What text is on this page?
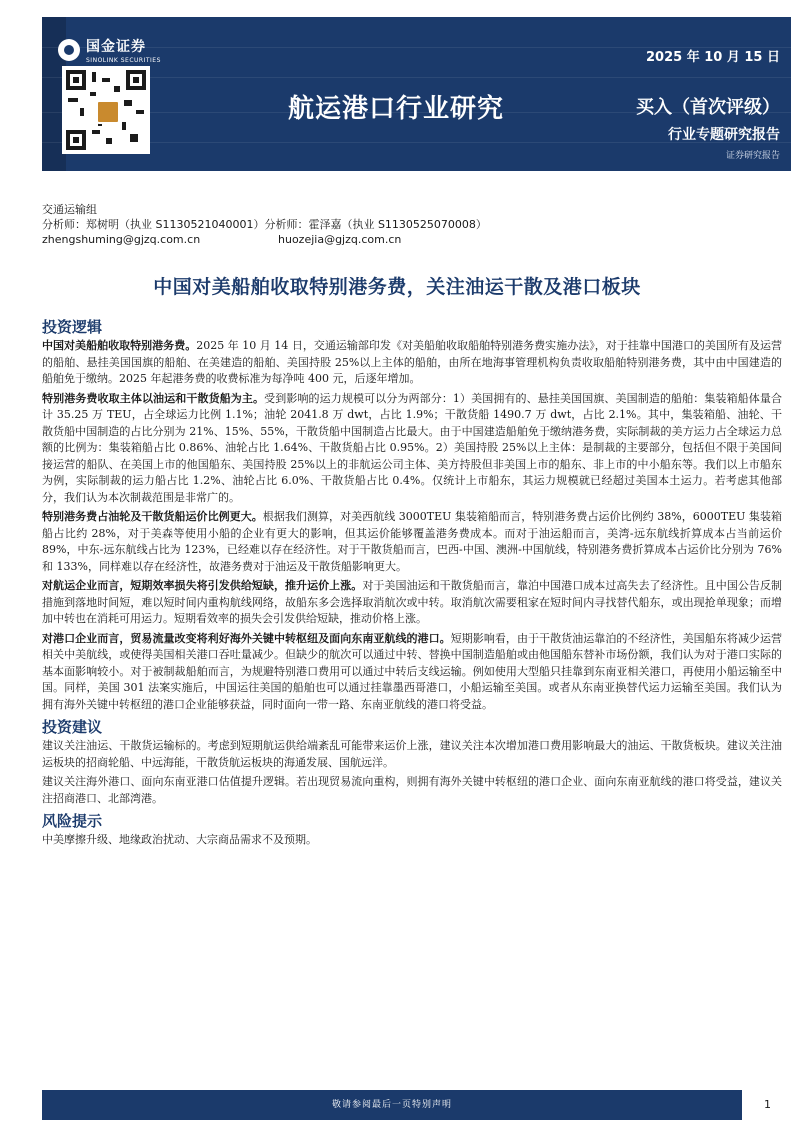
国金证券
SINOLINK SECURITIES
航运港口行业研究
2025 年 10 月 15 日
买入（首次评级）
行业专题研究报告
证券研究报告
交通运输组
分析师：郑树明（执业 S1130521040001）分析师：霍泽嘉（执业 S1130525070008）
zhengshuming@gjzq.com.cn	huozejia@gjzq.com.cn
中国对美船舶收取特别港务费，关注油运干散及港口板块
投资逻辑

中国对美船舶收取特别港务费。2025 年 10 月 14 日，交通运输部印发《对美船舶收取船舶特别港务费实施办法》，对于挂靠中国港口的美国所有及运营的船舶、悬挂美国国旗的船舶、在美建造的船舶、美国持股 25%以上主体的船舶，由所在地海事管理机构负责收取船舶特别港务费，其中由中国建造的船舶免于缴纳。2025 年起港务费的收费标准为每净吨 400 元，后逐年增加。

特别港务费收取主体以油运和干散货船为主。受到影响的运力规模可以分为两部分：1）美国拥有的、悬挂美国国旗、美国制造的船舶：集装箱船体量合计 35.25 万 TEU，占全球运力比例 1.1%；油轮 2041.8 万 dwt，占比 1.9%；干散货船 1490.7 万 dwt，占比 2.1%。其中，集装箱船、油轮、干散货船中国制造的占比分别为 21%、15%、55%，干散货船中国制造占比最大。由于中国建造船舶免于缴纳港务费，实际制裁的美方运力占全球运力总额的比例为：集装箱船占比 0.86%、油轮占比 1.64%、干散货船占比 0.95%。2）美国持股 25%以上主体：是制裁的主要部分，包括但不限于美国间接运营的船队、在美国上市的他国船东、美国持股 25%以上的非航运公司主体、美方持股但非美国上市的船东、非上市的中小船东等。我们以上市船东为例，实际制裁的运力船占比 1.2%、油轮占比 6.0%、干散货船占比 0.4%。仅统计上市船东，其运力规模就已经超过美国本土运力。若考虑其他部分，我们认为本次制裁范围是非常广的。

特别港务费占油轮及干散货船运价比例更大。根据我们测算，对美西航线 3000TEU 集装箱船而言，特别港务费占运价比例约 38%，6000TEU 集装箱船占比约 28%，对于美森等使用小船的企业有更大的影响，但其运价能够覆盖港务费成本。而对于油运船而言，美湾-远东航线折算成本占当前运价 89%，中东-远东航线占比为 123%，已经难以存在经济性。对于干散货船而言，巴西-中国、澳洲-中国航线，特别港务费折算成本占运价比分别为 76%和 133%，同样难以存在经济性，故港务费对于油运及干散货船影响更大。

对航运企业而言，短期效率损失将引发供给短缺，推升运价上涨。对于美国油运和干散货船而言，靠泊中国港口成本过高失去了经济性。且中国公告反制措施到落地时间短，难以短时间内重构航线网络，故船东多会选择取消航次或中转。取消航次需要租家在短时间内寻找替代船东，或出现抢单现象；而增加中转也在消耗可用运力。短期看效率的损失会引发供给短缺，推动价格上涨。

对港口企业而言，贸易流量改变将利好海外关键中转枢纽及面向东南亚航线的港口。短期影响看，由于干散货油运靠泊的不经济性，美国船东将减少运营相关中美航线，或使得美国相关港口吞吐量减少。但缺少的航次可以通过中转、替换中国制造船舶或由他国船东替补市场份额，我们认为对于港口实际的基本面影响较小。对于被制裁船舶而言，为规避特别港口费用可以通过中转后支线运输。例如使用大型船只挂靠到东南亚相关港口，再使用小船运输至中国。同样，美国 301 法案实施后，中国运往美国的船舶也可以通过挂靠墨西哥港口，小船运输至美国。或者从东南亚换替代运力运输至美国。我们认为拥有海外关键中转枢纽的港口企业能够获益，同时面向一带一路、东南亚航线的港口将受益。

投资建议

建议关注油运、干散货运输标的。考虑到短期航运供给端紊乱可能带来运价上涨，建议关注本次增加港口费用影响最大的油运、干散货板块。建议关注油运板块的招商轮船、中远海能，干散货航运板块的海通发展、国航远洋。

建议关注海外港口、面向东南亚港口估值提升逻辑。若出现贸易流向重构，则拥有海外关键中转枢纽的港口企业、面向东南亚航线的港口将受益，建议关注招商港口、北部湾港。

风险提示

中美摩擦升级、地缘政治扰动、大宗商品需求不及预期。

敬请参阅最后一页特别声明	1
